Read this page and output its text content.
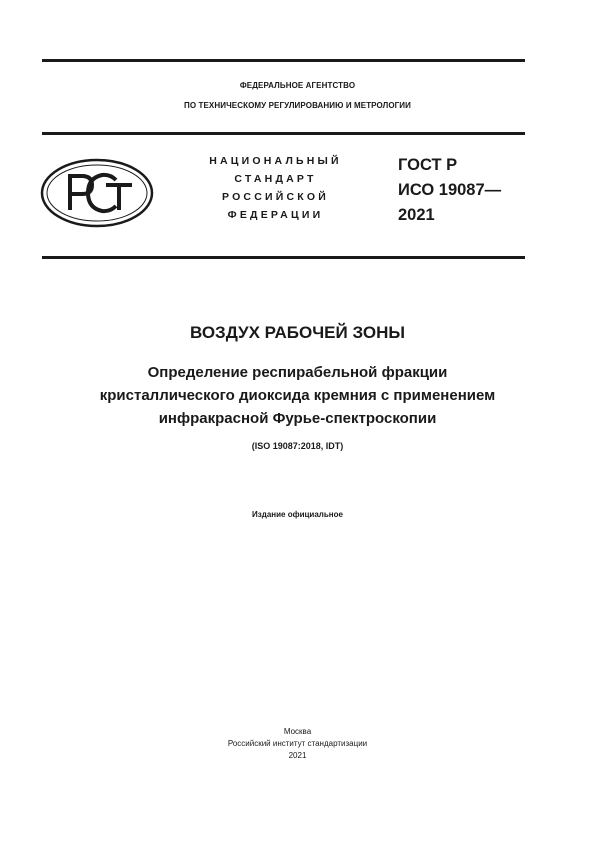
ФЕДЕРАЛЬНОЕ АГЕНТСТВО
ПО ТЕХНИЧЕСКОМУ РЕГУЛИРОВАНИЮ И МЕТРОЛОГИИ
НАЦИОНАЛЬНЫЙ
СТАНДАРТ
РОССИЙСКОЙ
ФЕДЕРАЦИИ
ГОСТ Р
ИСО 19087—
2021
ВОЗДУХ РАБОЧЕЙ ЗОНЫ
Определение респирабельной фракции
кристаллического диоксида кремния с применением
инфракрасной Фурье-спектроскопии
(ISO 19087:2018, IDT)
Издание официальное
Москва
Российский институт стандартизации
2021
